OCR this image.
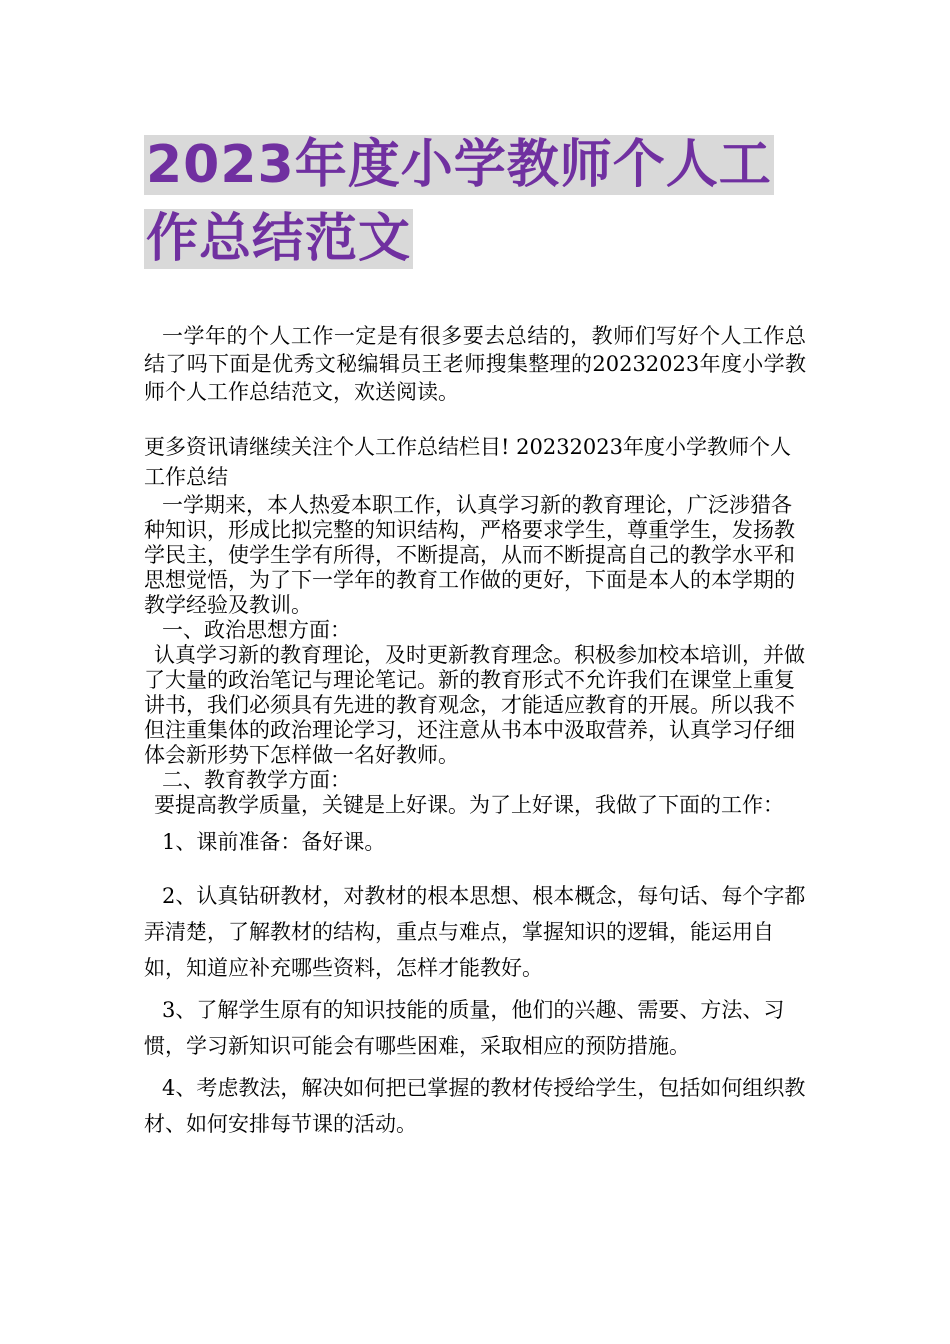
2023年度小学教师个人工作总结范文

一学年的个人工作一定是有很多要去总结的，教师们写好个人工作总结了吗下面是优秀文秘编辑员王老师搜集整理的20232023年度小学教师个人工作总结范文，欢送阅读。

更多资讯请继续关注个人工作总结栏目! 20232023年度小学教师个人工作总结

一学期来，本人热爱本职工作，认真学习新的教育理论，广泛涉猎各种知识，形成比拟完整的知识结构，严格要求学生，尊重学生，发扬教学民主，使学生学有所得，不断提高，从而不断提高自己的教学水平和思想觉悟，为了下一学年的教育工作做的更好，下面是本人的本学期的教学经验及教训。

一、政治思想方面：

认真学习新的教育理论，及时更新教育理念。积极参加校本培训，并做了大量的政治笔记与理论笔记。新的教育形式不允许我们在课堂上重复讲书，我们必须具有先进的教育观念，才能适应教育的开展。所以我不但注重集体的政治理论学习，还注意从书本中汲取营养，认真学习仔细体会新形势下怎样做一名好教师。

二、教育教学方面：

要提高教学质量，关键是上好课。为了上好课，我做了下面的工作：

1、课前准备：备好课。

2、认真钻研教材，对教材的根本思想、根本概念，每句话、每个字都弄清楚，了解教材的结构，重点与难点，掌握知识的逻辑，能运用自如，知道应补充哪些资料，怎样才能教好。

3、了解学生原有的知识技能的质量，他们的兴趣、需要、方法、习惯，学习新知识可能会有哪些困难，采取相应的预防措施。

4、考虑教法，解决如何把已掌握的教材传授给学生，包括如何组织教材、如何安排每节课的活动。
